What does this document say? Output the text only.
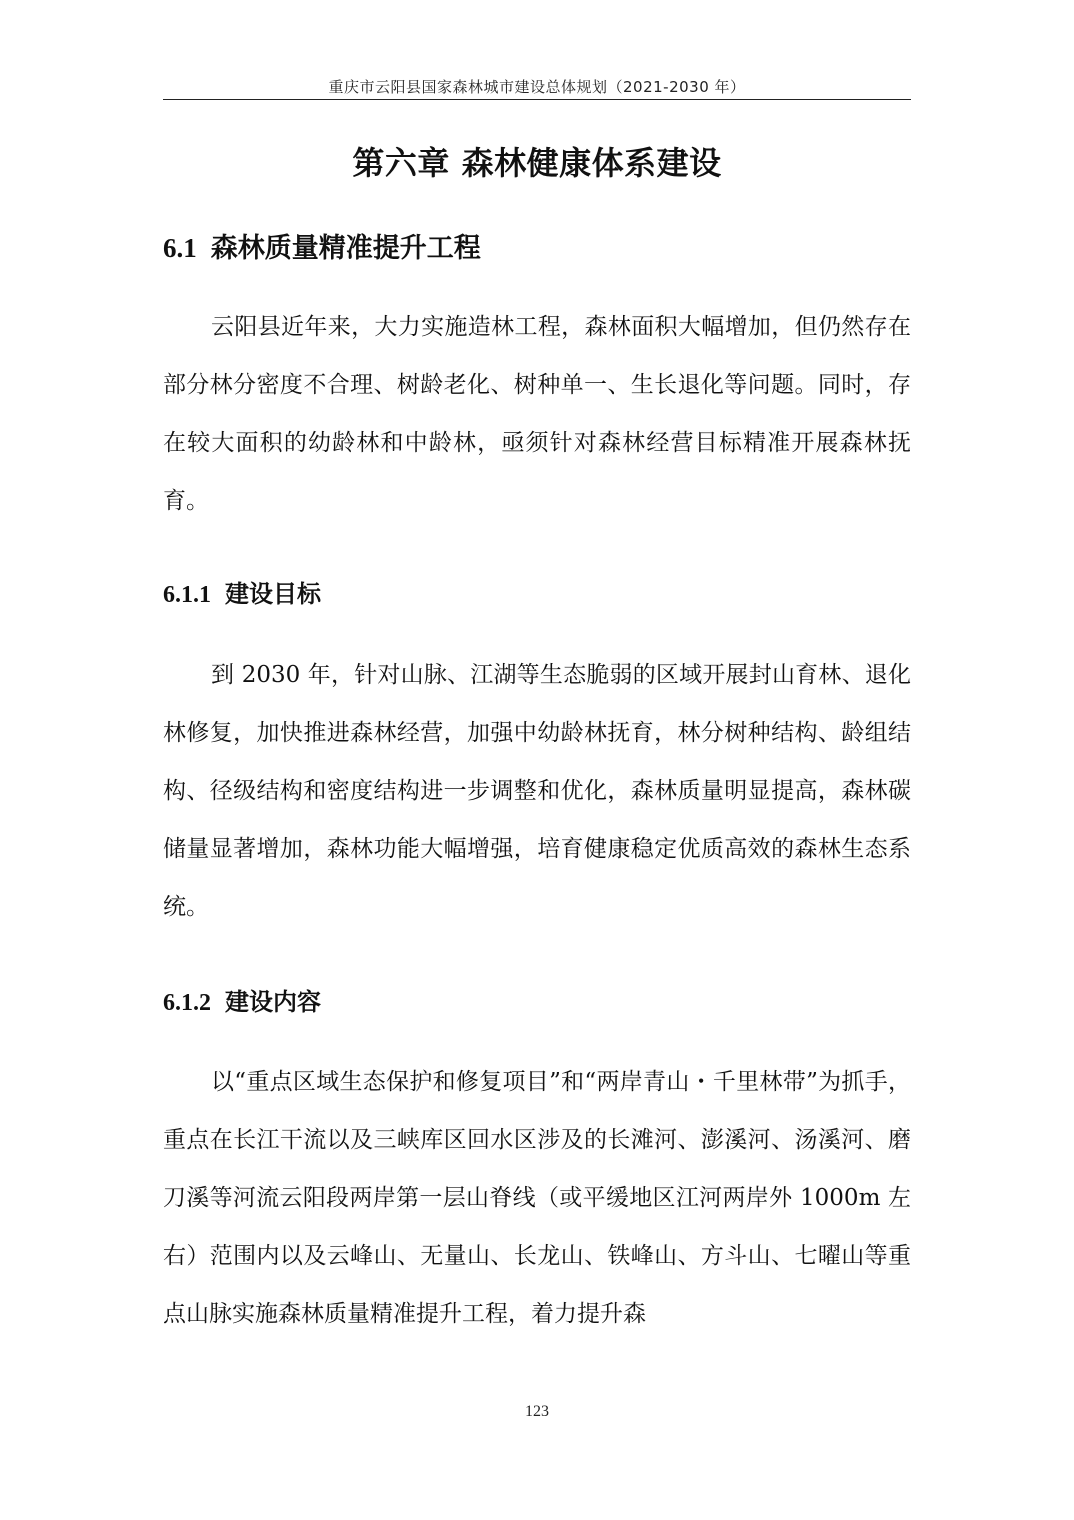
重庆市云阳县国家森林城市建设总体规划（2021-2030 年）
第六章 森林健康体系建设
6.1 森林质量精准提升工程

云阳县近年来，大力实施造林工程，森林面积大幅增加，但仍然存在部分林分密度不合理、树龄老化、树种单一、生长退化等问题。同时，存在较大面积的幼龄林和中龄林，亟须针对森林经营目标精准开展森林抚育。

6.1.1 建设目标

到 2030 年，针对山脉、江湖等生态脆弱的区域开展封山育林、退化林修复，加快推进森林经营，加强中幼龄林抚育，林分树种结构、龄组结构、径级结构和密度结构进一步调整和优化，森林质量明显提高，森林碳储量显著增加，森林功能大幅增强，培育健康稳定优质高效的森林生态系统。

6.1.2 建设内容

以“重点区域生态保护和修复项目”和“两岸青山・千里林带”为抓手，重点在长江干流以及三峡库区回水区涉及的长滩河、澎溪河、汤溪河、磨刀溪等河流云阳段两岸第一层山脊线（或平缓地区江河两岸外 1000m 左右）范围内以及云峰山、无量山、长龙山、铁峰山、方斗山、七曜山等重点山脉实施森林质量精准提升工程，着力提升森

123
